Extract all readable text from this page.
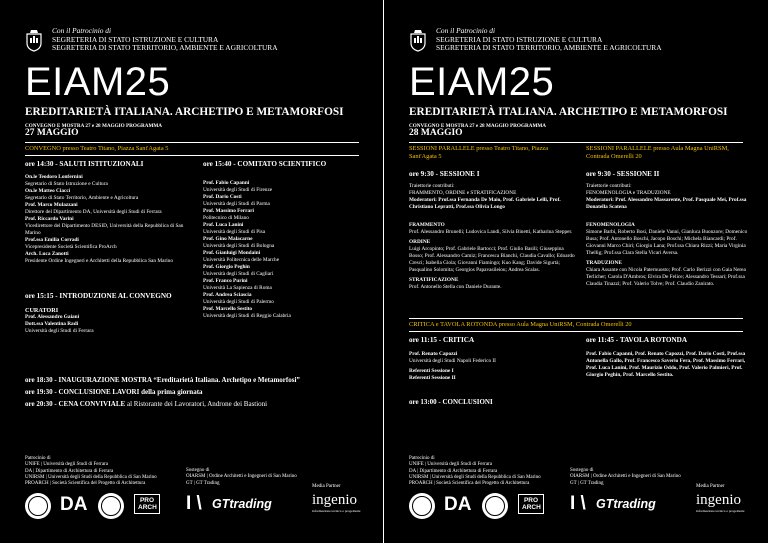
Con il Patrocinio di
SEGRETERIA DI STATO ISTRUZIONE E CULTURA
SEGRETERIA DI STATO TERRITORIO, AMBIENTE E AGRICOLTURA
EIAM25
EREDITARIETÀ ITALIANA. ARCHETIPO E METAMORFOSI
CONVEGNO E MOSTRA 27 e 28 MAGGIO PROGRAMMA
27 MAGGIO
CONVEGNO presso Teatro Titano, Piazza Sant'Agata 5
ore 14:30 - SALUTI ISTITUZIONALI
On.le Teodoro Lonfernini
Segretario di Stato Istruzione e Cultura
On.le Matteo Ciacci
Segretario di Stato Territorio, Ambiente e Agricoltura
Prof. Marco Mulazzani
Direttore del Dipartimento DA, Università degli Studi di Ferrara
Prof. Riccardo Varini
Vicedirettore del Dipartimento DESID, Università della Repubblica di San Marino
Prof.ssa Emilia Corradi
Vicepresidente Società Scientifica ProArch
Arch. Luca Zanotti
Presidente Ordine Ingegneri e Architetti della Repubblica San Marino
ore 15:15 - INTRODUZIONE AL CONVEGNO
CURATORI
Prof. Alessandro Gaiani
Dott.ssa Valentina Radi
Università degli Studi di Ferrara
ore 15:40 - COMITATO SCIENTIFICO
Prof. Fabio Capanni
Università degli Studi di Firenze
Prof. Dario Costi
Università degli Studi di Parma
Prof. Massimo Ferrari
Politecnico di Milano
Prof. Luca Lanini
Università degli Studi di Pisa
Prof. Gino Malacarne
Università degli Studi di Bologna
Prof. Gianluigi Mondaini
Università Politecnica delle Marche
Prof. Giorgio Peghin
Università degli Studi di Cagliari
Prof. Franco Purini
Università La Sapienza di Roma
Prof. Andrea Sciascia
Università degli Studi di Palermo
Prof. Marcello Sestito
Università degli Studi di Reggio Calabria
ore 18:30 - INAUGURAZIONE MOSTRA “Ereditarietà Italiana. Archetipo e Metamorfosi”
ore 19:30 - CONCLUSIONE LAVORI della prima giornata
ore 20:30 - CENA CONVIVIALE al Ristorante dei Lavoratori, Androne dei Bastioni
Patrocinio di
UNIFE | Università degli Studi di Ferrara
DA | Dipartimento di Architettura di Ferrara
UNIRSM | Università degli Studi della Repubblica di San Marino
PROARCH | Società Scientifica del Progetto di Architettura
Sostegno di
OIARSM | Ordine Architetti e Ingegneri di San Marino
GT | GT Trading
Media Partner
DA	PRO ARCH I \ GTtrading	ingenio
informazione tecnica e progettuale
Con il Patrocinio di
SEGRETERIA DI STATO ISTRUZIONE E CULTURA
SEGRETERIA DI STATO TERRITORIO, AMBIENTE E AGRICOLTURA
EIAM25
EREDITARIETÀ ITALIANA. ARCHETIPO E METAMORFOSI
CONVEGNO E MOSTRA 27 e 28 MAGGIO PROGRAMMA
28 MAGGIO
SESSIONI PARALLELE presso Teatro Titano, Piazza Sant'Agata 5
SESSIONI PARALLELE presso Aula Magna UniRSM, Contrada Omerelli 20
ore 9:30 - SESSIONE I
Traiettorie contributi:
FRAMMENTO, ORDINE e STRATIFICAZIONE
Moderatori: Prof.ssa Fernanda De Maio, Prof. Gabriele Lelli, Prof. Christiano Lepratti, Prof.ssa Olivia Longo
FRAMMENTO
Prof. Alessandro Brunelli; Ludovica Landi, Silvia Binetti, Katharina Stepper.
ORDINE
Luigi Arcopinto; Prof. Gabriele Bartocci; Prof. Giulio Basili; Giuseppina Bosso; Prof. Alessandro Camiz; Francesca Bianchi, Claudia Cavallo; Edoardo Cresci; Isabella Giola; Giovanni Fiamingo; Kuo Kang; Davide Sigurtà; Pasqualino Solomita; Georgios Papavasileiou; Andrea Scalas.
STRATIFICAZIONE
Prof. Antonello Stella con Daniele Durante.
ore 9:30 - SESSIONE II
Traiettorie contributi:
FENOMENOLOGIA e TRADUZIONE
Moderatori: Prof. Alessandro Massarente, Prof. Pasquale Mei, Prof.ssa Donatella Scatena
FENOMENOLOGIA
Simone Barbi, Roberto Bosi, Daniele Vanni, Gianluca Buonzore; Domenico Busa; Prof. Antonello Boschi, Jacopo Boschi; Michela Biancardi; Prof. Giovanni Marco Chiri; Giorgio Lana; Prof.ssa Chiara Rizzi; Maria Virginia Thellig; Prof.ssa Clara Stella Vicari Aversa.
TRADUZIONE
Chiara Assante con Nicola Paternuosto; Prof. Carlo Berizzi con Gaia Nerea Terlicher; Carola D'Ambros; Elvira De Felice; Alessandro Tessari; Prof.ssa Claudia Tinazzi; Prof. Valerio Tolve; Prof. Claudio Zanirato.
CRITICA e TAVOLA ROTONDA presso Aula Magna UniRSM, Contrada Omerelli 20
ore 11:15 - CRITICA
Prof. Renato Capozzi
Università degli Studi Napoli Federico II
Referenti Sessione I
Referenti Sessione II
ore 11:45 - TAVOLA ROTONDA
Prof. Fabio Capanni, Prof. Renato Capozzi, Prof. Dario Costi, Prof.ssa Antonella Gallo, Prof. Francesco Saverio Fera, Prof. Massimo Ferrari, Prof. Luca Lanini, Prof. Maurizio Oddo, Prof. Valerio Palmieri, Prof. Giorgio Peghin, Prof. Marcello Sestito.
ore 13:00 - CONCLUSIONI
Patrocinio di
UNIFE | Università degli Studi di Ferrara
DA | Dipartimento di Architettura di Ferrara
UNIRSM | Università degli Studi della Repubblica di San Marino
PROARCH | Società Scientifica del Progetto di Architettura
Sostegno di
OIARSM | Ordine Architetti e Ingegneri di San Marino
GT | GT Trading
Media Partner
DA	PRO ARCH I \ GTtrading	ingenio
informazione tecnica e progettuale
